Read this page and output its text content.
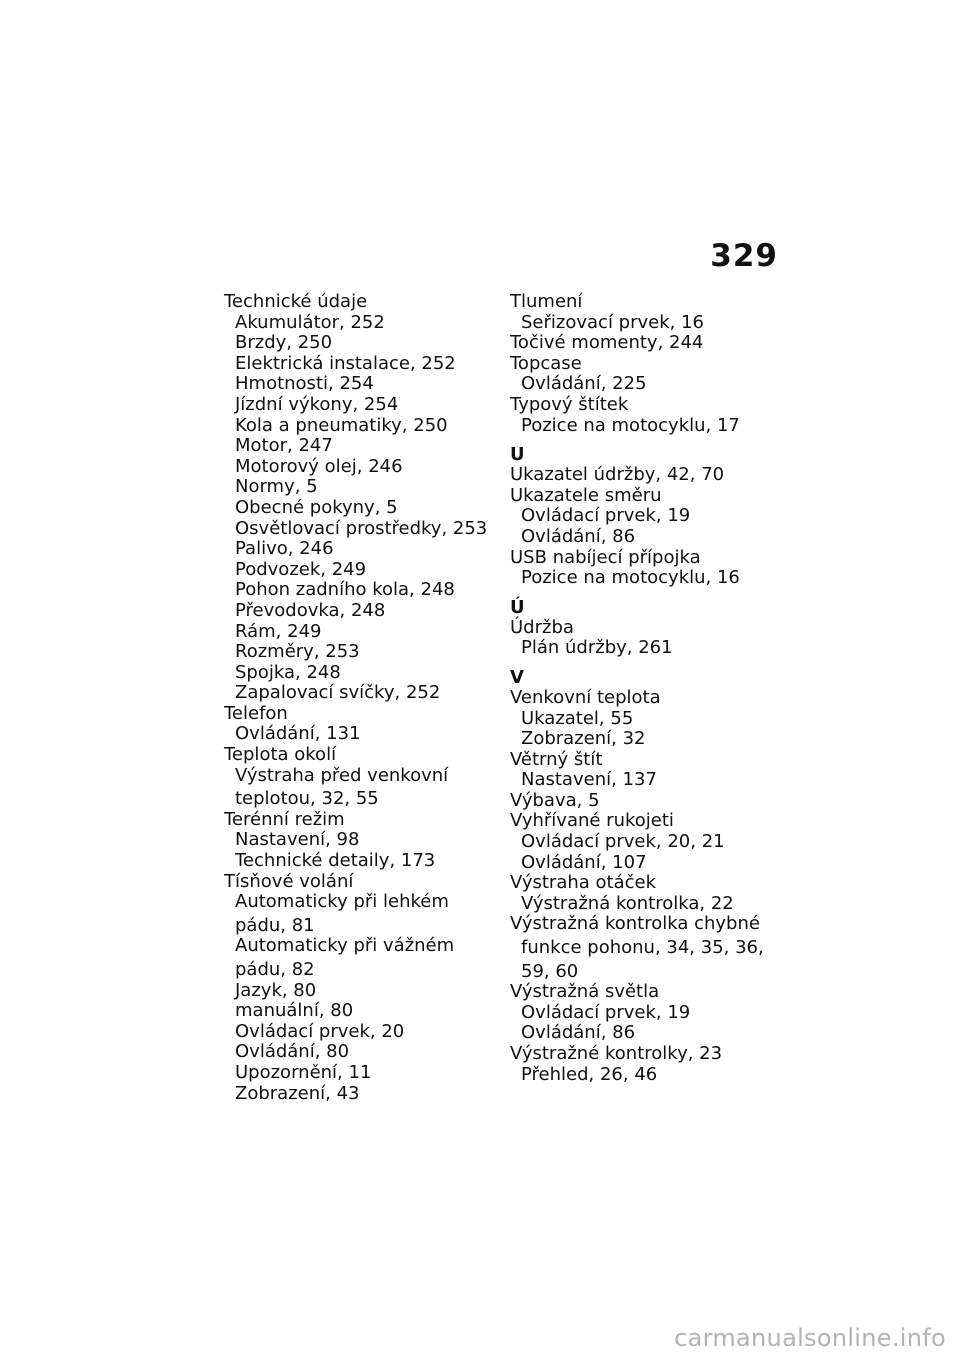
329
Technické údaje
Akumulátor, 252
Brzdy, 250
Elektrická instalace, 252
Hmotnosti, 254
Jízdní výkony, 254
Kola a pneumatiky, 250
Motor, 247
Motorový olej, 246
Normy, 5
Obecné pokyny, 5
Osvětlovací prostředky, 253
Palivo, 246
Podvozek, 249
Pohon zadního kola, 248
Převodovka, 248
Rám, 249
Rozměry, 253
Spojka, 248
Zapalovací svíčky, 252
Telefon
Ovládání, 131
Teplota okolí
Výstraha před venkovní
teplotou, 32, 55
Terénní režim
Nastavení, 98
Technické detaily, 173
Tísňové volání
Automaticky při lehkém
pádu, 81
Automaticky při vážném
pádu, 82
Jazyk, 80
manuální, 80
Ovládací prvek, 20
Ovládání, 80
Upozornění, 11
Zobrazení, 43
Tlumení
Seřizovací prvek, 16
Točivé momenty, 244
Topcase
Ovládání, 225
Typový štítek
Pozice na motocyklu, 17
U
Ukazatel údržby, 42, 70
Ukazatele směru
Ovládací prvek, 19
Ovládání, 86
USB nabíjecí přípojka
Pozice na motocyklu, 16
Ú
Údržba
Plán údržby, 261
V
Venkovní teplota
Ukazatel, 55
Zobrazení, 32
Větrný štít
Nastavení, 137
Výbava, 5
Vyhřívané rukojeti
Ovládací prvek, 20, 21
Ovládání, 107
Výstraha otáček
Výstražná kontrolka, 22
Výstražná kontrolka chybné
funkce pohonu, 34, 35, 36,
59, 60
Výstražná světla
Ovládací prvek, 19
Ovládání, 86
Výstražné kontrolky, 23
Přehled, 26, 46
carmanualsonline.info
